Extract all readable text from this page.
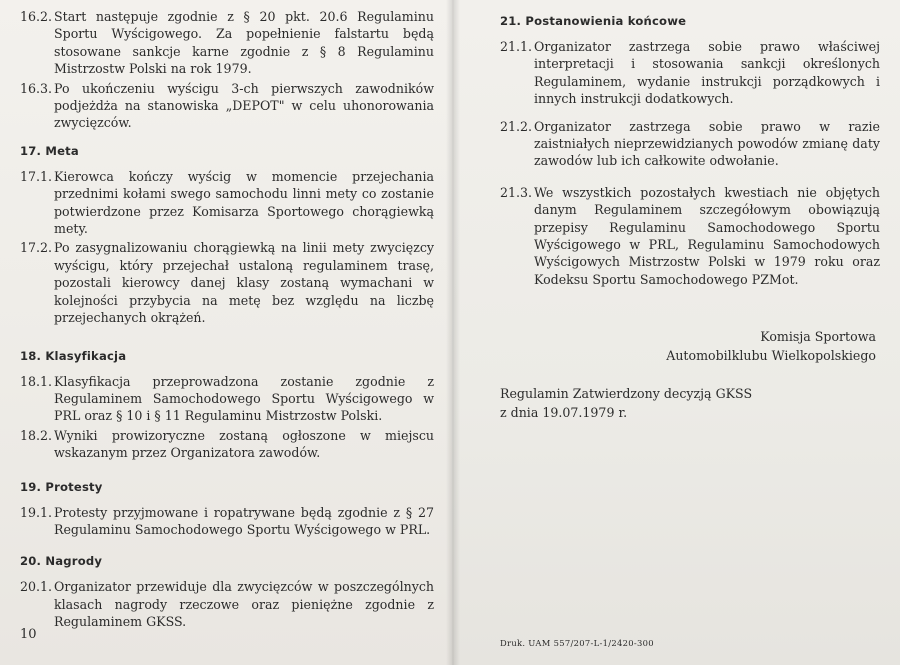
16.2. Start następuje zgodnie z § 20 pkt. 20.6 Regulaminu Sportu Wyścigowego. Za popełnienie falstartu będą stosowane sankcje karne zgodnie z § 8 Regulaminu Mistrzostw Polski na rok 1979.
16.3. Po ukończeniu wyścigu 3-ch pierwszych zawodników podjeżdża na stanowiska „DEPOT" w celu uhonorowania zwycięzców.
17. Meta
17.1. Kierowca kończy wyścig w momencie przejechania przednimi kołami swego samochodu linni mety co zostanie potwierdzone przez Komisarza Sportowego chorągiewką mety.
17.2. Po zasygnalizowaniu chorągiewką na linii mety zwycięzcy wyścigu, który przejechał ustaloną regulaminem trasę, pozostali kierowcy danej klasy zostaną wymachani w kolejności przybycia na metę bez względu na liczbę przejechanych okrążeń.
18. Klasyfikacja
18.1. Klasyfikacja przeprowadzona zostanie zgodnie z Regulaminem Samochodowego Sportu Wyścigowego w PRL oraz § 10 i § 11 Regulaminu Mistrzostw Polski.
18.2. Wyniki prowizoryczne zostaną ogłoszone w miejscu wskazanym przez Organizatora zawodów.
19. Protesty
19.1. Protesty przyjmowane i ropatrywane będą zgodnie z § 27 Regulaminu Samochodowego Sportu Wyścigowego w PRL.
20. Nagrody
20.1. Organizator przewiduje dla zwycięzców w poszczególnych klasach nagrody rzeczowe oraz pieniężne zgodnie z Regulaminem GKSS.
10
21. Postanowienia końcowe
21.1. Organizator zastrzega sobie prawo właściwej interpretacji i stosowania sankcji określonych Regulaminem, wydanie instrukcji porządkowych i innych instrukcji dodatkowych.
21.2. Organizator zastrzega sobie prawo w razie zaistniałych nieprzewidzianych powodów zmianę daty zawodów lub ich całkowite odwołanie.
21.3. We wszystkich pozostałych kwestiach nie objętych danym Regulaminem szczegółowym obowiązują przepisy Regulaminu Samochodowego Sportu Wyścigowego w PRL, Regulaminu Samochodowych Wyścigowych Mistrzostw Polski w 1979 roku oraz Kodeksu Sportu Samochodowego PZMot.
Komisja Sportowa
Automobilklubu Wielkopolskiego
Regulamin Zatwierdzony decyzją GKSS
z dnia 19.07.1979 r.
Druk. UAM 557/207-L-1/2420-300
